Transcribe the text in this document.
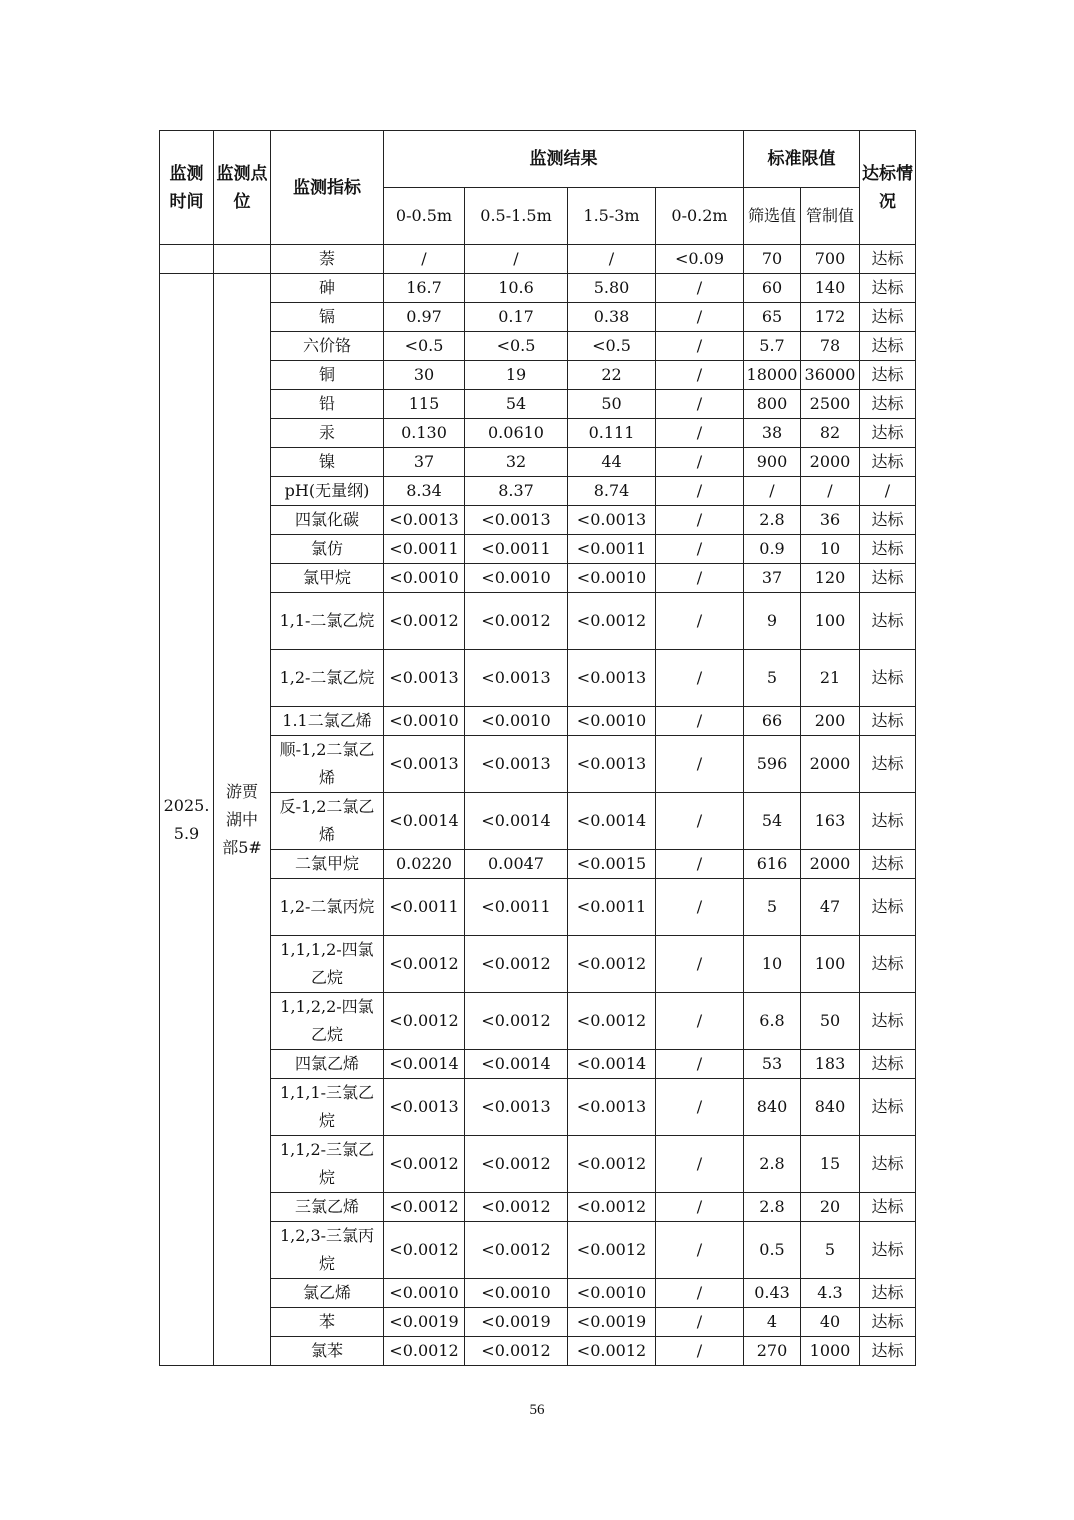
监测时间	监测点位	监测指标	监测结果				标准限值		达标情况
			0-0.5m	0.5-1.5m	1.5-3m	0-0.2m	筛选值	管制值	
		萘	/	/	/	<0.09	70	700	达标
2025.5.9	游贾湖中部5#	砷	16.7	10.6	5.80	/	60	140	达标
		镉	0.97	0.17	0.38	/	65	172	达标
		六价铬	<0.5	<0.5	<0.5	/	5.7	78	达标
		铜	30	19	22	/	18000	36000	达标
		铅	115	54	50	/	800	2500	达标
		汞	0.130	0.0610	0.111	/	38	82	达标
		镍	37	32	44	/	900	2000	达标
		pH(无量纲)	8.34	8.37	8.74	/	/	/	/
		四氯化碳	<0.0013	<0.0013	<0.0013	/	2.8	36	达标
		氯仿	<0.0011	<0.0011	<0.0011	/	0.9	10	达标
		氯甲烷	<0.0010	<0.0010	<0.0010	/	37	120	达标
		1,1-二氯乙烷	<0.0012	<0.0012	<0.0012	/	9	100	达标
		1,2-二氯乙烷	<0.0013	<0.0013	<0.0013	/	5	21	达标
		1.1二氯乙烯	<0.0010	<0.0010	<0.0010	/	66	200	达标
		顺-1,2二氯乙烯	<0.0013	<0.0013	<0.0013	/	596	2000	达标
		反-1,2二氯乙烯	<0.0014	<0.0014	<0.0014	/	54	163	达标
		二氯甲烷	0.0220	0.0047	<0.0015	/	616	2000	达标
		1,2-二氯丙烷	<0.0011	<0.0011	<0.0011	/	5	47	达标
		1,1,1,2-四氯乙烷	<0.0012	<0.0012	<0.0012	/	10	100	达标
		1,1,2,2-四氯乙烷	<0.0012	<0.0012	<0.0012	/	6.8	50	达标
		四氯乙烯	<0.0014	<0.0014	<0.0014	/	53	183	达标
		1,1,1-三氯乙烷	<0.0013	<0.0013	<0.0013	/	840	840	达标
		1,1,2-三氯乙烷	<0.0012	<0.0012	<0.0012	/	2.8	15	达标
		三氯乙烯	<0.0012	<0.0012	<0.0012	/	2.8	20	达标
		1,2,3-三氯丙烷	<0.0012	<0.0012	<0.0012	/	0.5	5	达标
		氯乙烯	<0.0010	<0.0010	<0.0010	/	0.43	4.3	达标
		苯	<0.0019	<0.0019	<0.0019	/	4	40	达标
		氯苯	<0.0012	<0.0012	<0.0012	/	270	1000	达标
56
